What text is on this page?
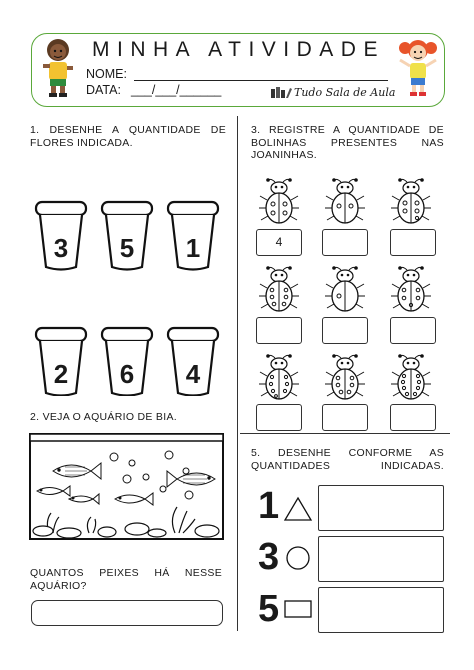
MINHA ATIVIDADE
NOME:
DATA: ___/___/______	Tudo Sala de Aula
1. DESENHE A QUANTIDADE DE FLORES INDICADA.
3	5	1
2	6	4
2. VEJA O AQUÁRIO DE BIA.
QUANTOS PEIXES HÁ NESSE AQUÁRIO?
3. REGISTRE A QUANTIDADE DE BOLINHAS PRESENTES NAS JOANINHAS.
4
5. DESENHE CONFORME AS QUANTIDADES INDICADAS.
1
3
5
